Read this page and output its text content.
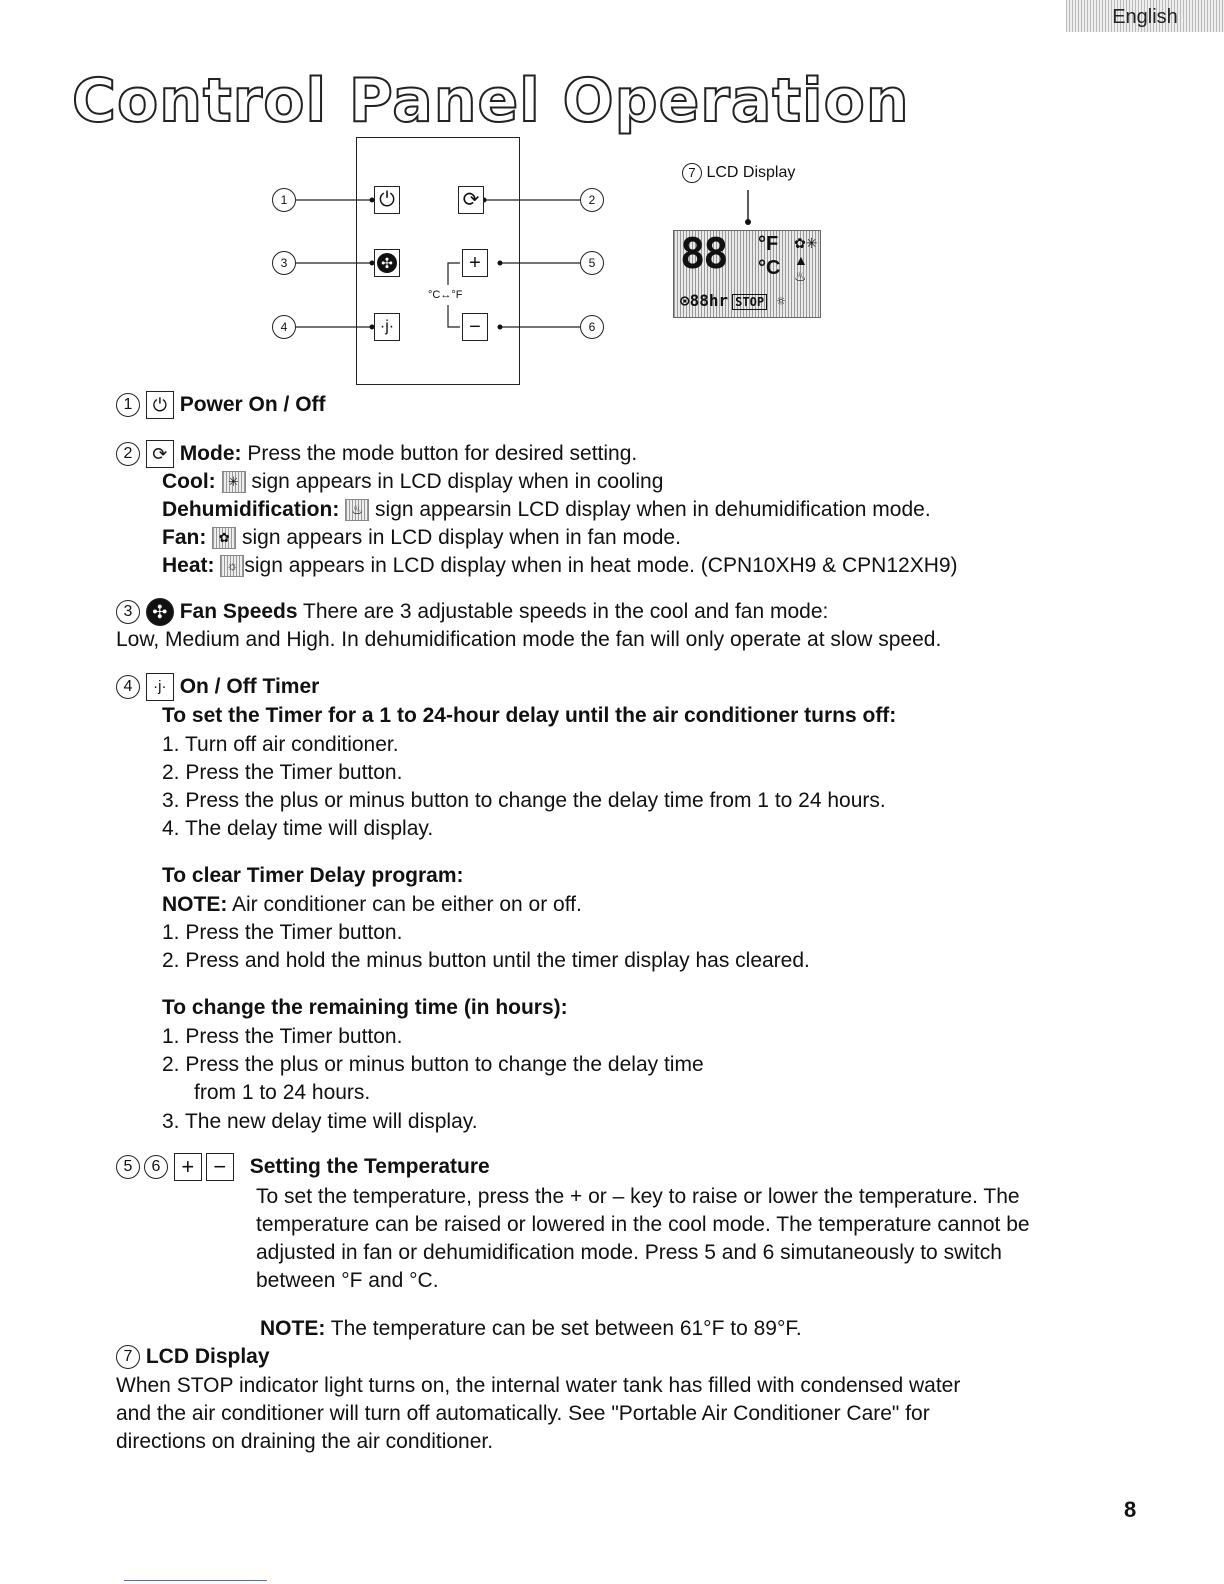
English
Control Panel Operation
1	2
3	5
4	6
⏻	⟳
✣	+
·j·	−
°C↔°F
7 LCD Display
88 °F
°C
✿✳
▲♨
⊙88hr STOP ☼
1 ⏻ Power On / Off
2 ⟳ Mode: Press the mode button for desired setting.
Cool: ✳ sign appears in LCD display when in cooling
Dehumidification: ♨ sign appearsin LCD display when in dehumidification mode.
Fan: ✿ sign appears in LCD display when in fan mode.
Heat: ☼ sign appears in LCD display when in heat mode. (CPN10XH9 & CPN12XH9)
3 ✣ Fan Speeds There are 3 adjustable speeds in the cool and fan mode:
Low, Medium and High. In dehumidification mode the fan will only operate at slow speed.
4 ·j· On / Off Timer
To set the Timer for a 1 to 24-hour delay until the air conditioner turns off:
1. Turn off air conditioner.
2. Press the Timer button.
3. Press the plus or minus button to change the delay time from 1 to 24 hours.
4. The delay time will display.
To clear Timer Delay program:
NOTE: Air conditioner can be either on or off.
1. Press the Timer button.
2. Press and hold the minus button until the timer display has cleared.
To change the remaining time (in hours):
1. Press the Timer button.
2. Press the plus or minus button to change the delay time
from 1 to 24 hours.
3. The new delay time will display.
5 6 + − Setting the Temperature
To set the temperature, press the + or – key to raise or lower the temperature. The
temperature can be raised or lowered in the cool mode. The temperature cannot be
adjusted in fan or dehumidification mode. Press 5 and 6 simutaneously to switch
between °F and °C.
NOTE: The temperature can be set between 61°F to 89°F.
7 LCD Display
When STOP indicator light turns on, the internal water tank has filled with condensed water
and the air conditioner will turn off automatically. See "Portable Air Conditioner Care" for
directions on draining the air conditioner.
8
